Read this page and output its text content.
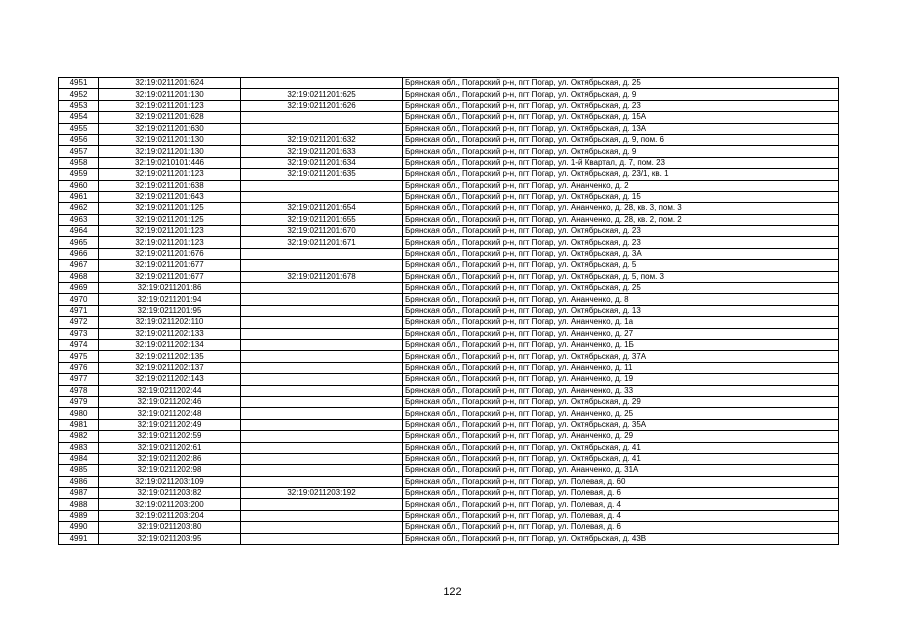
4951	32:19:0211201:624		Брянская обл., Погарский р-н, пгт Погар, ул. Октябрьская, д. 25
4952	32:19:0211201:130	32:19:0211201:625	Брянская обл., Погарский р-н, пгт Погар, ул. Октябрьская, д. 9
4953	32:19:0211201:123	32:19:0211201:626	Брянская обл., Погарский р-н, пгт Погар, ул. Октябрьская, д. 23
4954	32:19:0211201:628		Брянская обл., Погарский р-н, пгт Погар, ул. Октябрьская, д. 15А
4955	32:19:0211201:630		Брянская обл., Погарский р-н, пгт Погар, ул. Октябрьская, д. 13А
4956	32:19:0211201:130	32:19:0211201:632	Брянская обл., Погарский р-н, пгт Погар, ул. Октябрьская, д. 9, пом. 6
4957	32:19:0211201:130	32:19:0211201:633	Брянская обл., Погарский р-н, пгт Погар, ул. Октябрьская, д. 9
4958	32:19:0210101:446	32:19:0211201:634	Брянская обл., Погарский р-н, пгт Погар, ул. 1-й Квартал, д. 7, пом. 23
4959	32:19:0211201:123	32:19:0211201:635	Брянская обл., Погарский р-н, пгт Погар, ул. Октябрьская, д. 23/1, кв. 1
4960	32:19:0211201:638		Брянская обл., Погарский р-н, пгт Погар, ул. Ананченко, д. 2
4961	32:19:0211201:643		Брянская обл., Погарский р-н, пгт Погар, ул. Октябрьская, д. 15
4962	32:19:0211201:125	32:19:0211201:654	Брянская обл., Погарский р-н, пгт Погар, ул. Ананченко, д. 28, кв. 3, пом. 3
4963	32:19:0211201:125	32:19:0211201:655	Брянская обл., Погарский р-н, пгт Погар, ул. Ананченко, д. 28, кв. 2, пом. 2
4964	32:19:0211201:123	32:19:0211201:670	Брянская обл., Погарский р-н, пгт Погар, ул. Октябрьская, д. 23
4965	32:19:0211201:123	32:19:0211201:671	Брянская обл., Погарский р-н, пгт Погар, ул. Октябрьская, д. 23
4966	32:19:0211201:676		Брянская обл., Погарский р-н, пгт Погар, ул. Октябрьская, д. 3А
4967	32:19:0211201:677		Брянская обл., Погарский р-н, пгт Погар, ул. Октябрьская, д. 5
4968	32:19:0211201:677	32:19:0211201:678	Брянская обл., Погарский р-н, пгт Погар, ул. Октябрьская, д. 5, пом. 3
4969	32:19:0211201:86		Брянская обл., Погарский р-н, пгт Погар, ул. Октябрьская, д. 25
4970	32:19:0211201:94		Брянская обл., Погарский р-н, пгт Погар, ул. Ананченко, д. 8
4971	32:19:0211201:95		Брянская обл., Погарский р-н, пгт Погар, ул. Октябрьская, д. 13
4972	32:19:0211202:110		Брянская обл., Погарский р-н, пгт Погар, ул. Ананченко, д. 1а
4973	32:19:0211202:133		Брянская обл., Погарский р-н, пгт Погар, ул. Ананченко, д. 27
4974	32:19:0211202:134		Брянская обл., Погарский р-н, пгт Погар, ул. Ананченко, д. 1Б
4975	32:19:0211202:135		Брянская обл., Погарский р-н, пгт Погар, ул. Октябрьская, д. 37А
4976	32:19:0211202:137		Брянская обл., Погарский р-н, пгт Погар, ул. Ананченко, д. 11
4977	32:19:0211202:143		Брянская обл., Погарский р-н, пгт Погар, ул. Ананченко, д. 19
4978	32:19:0211202:44		Брянская обл., Погарский р-н, пгт Погар, ул. Ананченко, д. 33
4979	32:19:0211202:46		Брянская обл., Погарский р-н, пгт Погар, ул. Октябрьская, д. 29
4980	32:19:0211202:48		Брянская обл., Погарский р-н, пгт Погар, ул. Ананченко, д. 25
4981	32:19:0211202:49		Брянская обл., Погарский р-н, пгт Погар, ул. Октябрьская, д. 35А
4982	32:19:0211202:59		Брянская обл., Погарский р-н, пгт Погар, ул. Ананченко, д. 29
4983	32:19:0211202:61		Брянская обл., Погарский р-н, пгт Погар, ул. Октябрьская, д. 41
4984	32:19:0211202:86		Брянская обл., Погарский р-н, пгт Погар, ул. Октябрьская, д. 41
4985	32:19:0211202:98		Брянская обл., Погарский р-н, пгт Погар, ул. Ананченко, д. 31А
4986	32:19:0211203:109		Брянская обл., Погарский р-н, пгт Погар, ул. Полевая, д. 60
4987	32:19:0211203:82	32:19:0211203:192	Брянская обл., Погарский р-н, пгт Погар, ул. Полевая, д. 6
4988	32:19:0211203:200		Брянская обл., Погарский р-н, пгт Погар, ул. Полевая, д. 4
4989	32:19:0211203:204		Брянская обл., Погарский р-н, пгт Погар, ул. Полевая, д. 4
4990	32:19:0211203:80		Брянская обл., Погарский р-н, пгт Погар, ул. Полевая, д. 6
4991	32:19:0211203:95		Брянская обл., Погарский р-н, пгт Погар, ул. Октябрьская, д. 43В
122
